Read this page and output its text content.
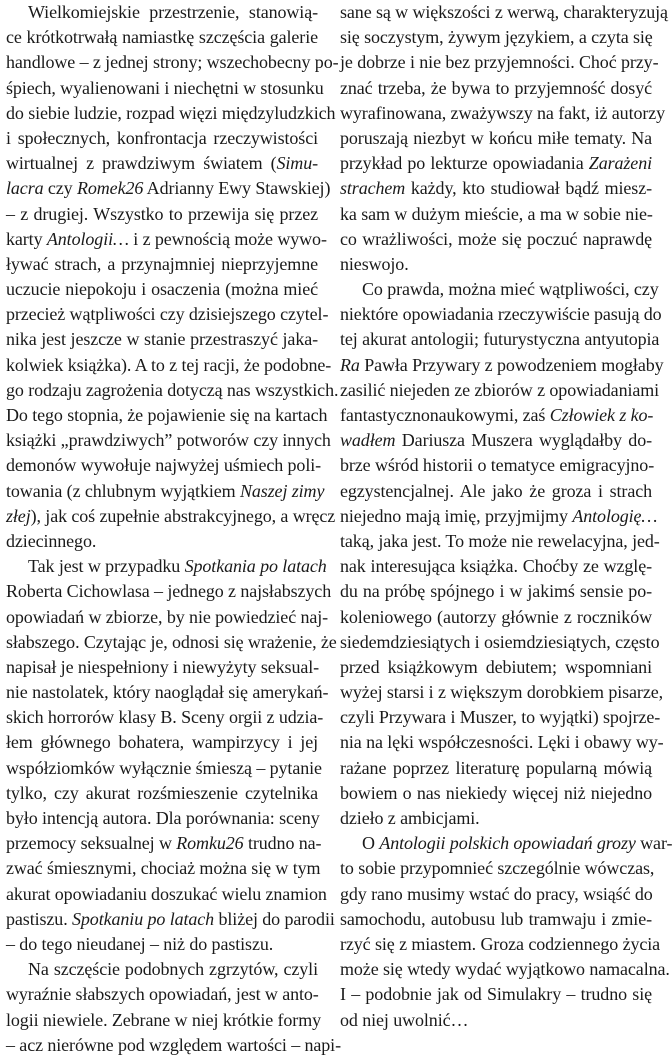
Wielkomiejskie przestrzenie, stanowią-
ce krótkotrwałą namiastkę szczęścia galerie
handlowe – z jednej strony; wszechobecny po-
śpiech, wyalienowani i niechętni w stosunku
do siebie ludzie, rozpad więzi międzyludzkich
i społecznych, konfrontacja rzeczywistości
wirtualnej z prawdziwym światem (Simu-
lacra czy Romek26 Adrianny Ewy Stawskiej)
– z drugiej. Wszystko to przewija się przez
karty Antologii… i z pewnością może wywo-
ływać strach, a przynajmniej nieprzyjemne
uczucie niepokoju i osaczenia (można mieć
przecież wątpliwości czy dzisiejszego czytel-
nika jest jeszcze w stanie przestraszyć jaka-
kolwiek książka). A to z tej racji, że podobne-
go rodzaju zagrożenia dotyczą nas wszystkich.
Do tego stopnia, że pojawienie się na kartach
książki „prawdziwych” potworów czy innych
demonów wywołuje najwyżej uśmiech poli-
towania (z chlubnym wyjątkiem Naszej zimy
złej), jak coś zupełnie abstrakcyjnego, a wręcz
dziecinnego.
Tak jest w przypadku Spotkania po latach
Roberta Cichowlasa – jednego z najsłabszych
opowiadań w zbiorze, by nie powiedzieć naj-
słabszego. Czytając je, odnosi się wrażenie, że
napisał je niespełniony i niewyżyty seksual-
nie nastolatek, który naoglądał się amerykań-
skich horrorów klasy B. Sceny orgii z udzia-
łem głównego bohatera, wampirzycy i jej
współziomków wyłącznie śmieszą – pytanie
tylko, czy akurat rozśmieszenie czytelnika
było intencją autora. Dla porównania: sceny
przemocy seksualnej w Romku26 trudno na-
zwać śmiesznymi, chociaż można się w tym
akurat opowiadaniu doszukać wielu znamion
pastiszu. Spotkaniu po latach bliżej do parodii
– do tego nieudanej – niż do pastiszu.
Na szczęście podobnych zgrzytów, czyli
wyraźnie słabszych opowiadań, jest w anto-
logii niewiele. Zebrane w niej krótkie formy
– acz nierówne pod względem wartości – napi-
sane są w większości z werwą, charakteryzują
się soczystym, żywym językiem, a czyta się
je dobrze i nie bez przyjemności. Choć przy-
znać trzeba, że bywa to przyjemność dosyć
wyrafinowana, zważywszy na fakt, iż autorzy
poruszają niezbyt w końcu miłe tematy. Na
przykład po lekturze opowiadania Zarażeni
strachem każdy, kto studiował bądź miesz-
ka sam w dużym mieście, a ma w sobie nie-
co wrażliwości, może się poczuć naprawdę
nieswojo.
Co prawda, można mieć wątpliwości, czy
niektóre opowiadania rzeczywiście pasują do
tej akurat antologii; futurystyczna antyutopia
Ra Pawła Przywary z powodzeniem mogłaby
zasilić niejeden ze zbiorów z opowiadaniami
fantastycznonaukowymi, zaś Człowiek z ko-
wadłem Dariusza Muszera wyglądałby do-
brze wśród historii o tematyce emigracyjno-
egzystencjalnej. Ale jako że groza i strach
niejedno mają imię, przyjmijmy Antologię…
taką, jaka jest. To może nie rewelacyjna, jed-
nak interesująca książka. Choćby ze wzglę-
du na próbę spójnego i w jakimś sensie po-
koleniowego (autorzy głównie z roczników
siedemdziesiątych i osiemdziesiątych, często
przed książkowym debiutem; wspomniani
wyżej starsi i z większym dorobkiem pisarze,
czyli Przywara i Muszer, to wyjątki) spojrze-
nia na lęki współczesności. Lęki i obawy wy-
rażane poprzez literaturę popularną mówią
bowiem o nas niekiedy więcej niż niejedno
dzieło z ambicjami.
O Antologii polskich opowiadań grozy war-
to sobie przypomnieć szczególnie wówczas,
gdy rano musimy wstać do pracy, wsiąść do
samochodu, autobusu lub tramwaju i zmie-
rzyć się z miastem. Groza codziennego życia
może się wtedy wydać wyjątkowo namacalna.
I – podobnie jak od Simulakry – trudno się
od niej uwolnić…
